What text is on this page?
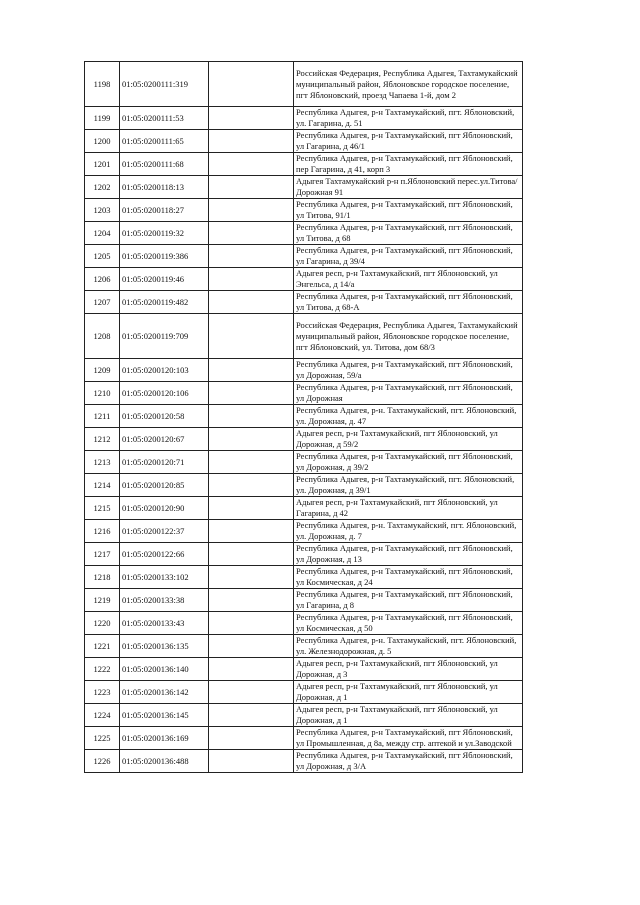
1198	01:05:0200111:319		Российская Федерация, Республика Адыгея, Тахтамукайский муниципальный район, Яблоновское городское поселение, пгт Яблоновский, проезд Чапаева 1-й, дом 2
1199	01:05:0200111:53		Республика Адыгея, р-н Тахтамукайский, пгт. Яблоновский, ул. Гагарина, д. 51
1200	01:05:0200111:65		Республика Адыгея, р-н Тахтамукайский, пгт Яблоновский, ул Гагарина, д 46/1
1201	01:05:0200111:68		Республика Адыгея, р-н Тахтамукайский, пгт Яблоновский, пер Гагарина, д 41, корп 3
1202	01:05:0200118:13		Адыгея Тахтамукайский р-н п.Яблоновский перес.ул.Титова/Дорожная 91
1203	01:05:0200118:27		Республика Адыгея, р-н Тахтамукайский, пгт Яблоновский, ул Титова, 91/1
1204	01:05:0200119:32		Республика Адыгея, р-н Тахтамукайский, пгт Яблоновский, ул Титова, д 68
1205	01:05:0200119:386		Республика Адыгея, р-н Тахтамукайский, пгт Яблоновский, ул Гагарина, д 39/4
1206	01:05:0200119:46		Адыгея респ, р-н Тахтамукайский, пгт Яблоновский, ул Энгельса, д 14/а
1207	01:05:0200119:482		Республика Адыгея, р-н Тахтамукайский, пгт Яблоновский, ул Титова, д 68-А
1208	01:05:0200119:709		Российская Федерация, Республика Адыгея, Тахтамукайский муниципальный район, Яблоновское городское поселение, пгт Яблоновский, ул. Титова, дом 68/3
1209	01:05:0200120:103		Республика Адыгея, р-н Тахтамукайский, пгт Яблоновский, ул Дорожная, 59/а
1210	01:05:0200120:106		Республика Адыгея, р-н Тахтамукайский, пгт Яблоновский, ул Дорожная
1211	01:05:0200120:58		Республика Адыгея, р-н. Тахтамукайский, пгт. Яблоновский, ул. Дорожная, д. 47
1212	01:05:0200120:67		Адыгея респ, р-н Тахтамукайский, пгт Яблоновский, ул Дорожная, д 59/2
1213	01:05:0200120:71		Республика Адыгея, р-н Тахтамукайский, пгт Яблоновский, ул Дорожная, д 39/2
1214	01:05:0200120:85		Республика Адыгея, р-н Тахтамукайский, пгт. Яблоновский, ул. Дорожная, д 39/1
1215	01:05:0200120:90		Адыгея респ, р-н Тахтамукайский, пгт Яблоновский, ул Гагарина, д 42
1216	01:05:0200122:37		Республика Адыгея, р-н. Тахтамукайский, пгт. Яблоновский, ул. Дорожная, д. 7
1217	01:05:0200122:66		Республика Адыгея, р-н Тахтамукайский, пгт Яблоновский, ул Дорожная, д 13
1218	01:05:0200133:102		Республика Адыгея, р-н Тахтамукайский, пгт Яблоновский, ул Космическая, д 24
1219	01:05:0200133:38		Республика Адыгея, р-н Тахтамукайский, пгт Яблоновский, ул Гагарина, д 8
1220	01:05:0200133:43		Республика Адыгея, р-н Тахтамукайский, пгт Яблоновский, ул Космическая, д 50
1221	01:05:0200136:135		Республика Адыгея, р-н. Тахтамукайский, пгт. Яблоновский, ул. Железнодорожная, д. 5
1222	01:05:0200136:140		Адыгея респ, р-н Тахтамукайский, пгт Яблоновский, ул Дорожная, д 3
1223	01:05:0200136:142		Адыгея респ, р-н Тахтамукайский, пгт Яблоновский, ул Дорожная, д 1
1224	01:05:0200136:145		Адыгея респ, р-н Тахтамукайский, пгт Яблоновский, ул Дорожная, д 1
1225	01:05:0200136:169		Республика Адыгея, р-н Тахтамукайский, пгт Яблоновский, ул Промышленная, д 8а, между стр. аптекой и ул.Заводской
1226	01:05:0200136:488		Республика Адыгея, р-н Тахтамукайский, пгт Яблоновский, ул Дорожная, д 3/А
